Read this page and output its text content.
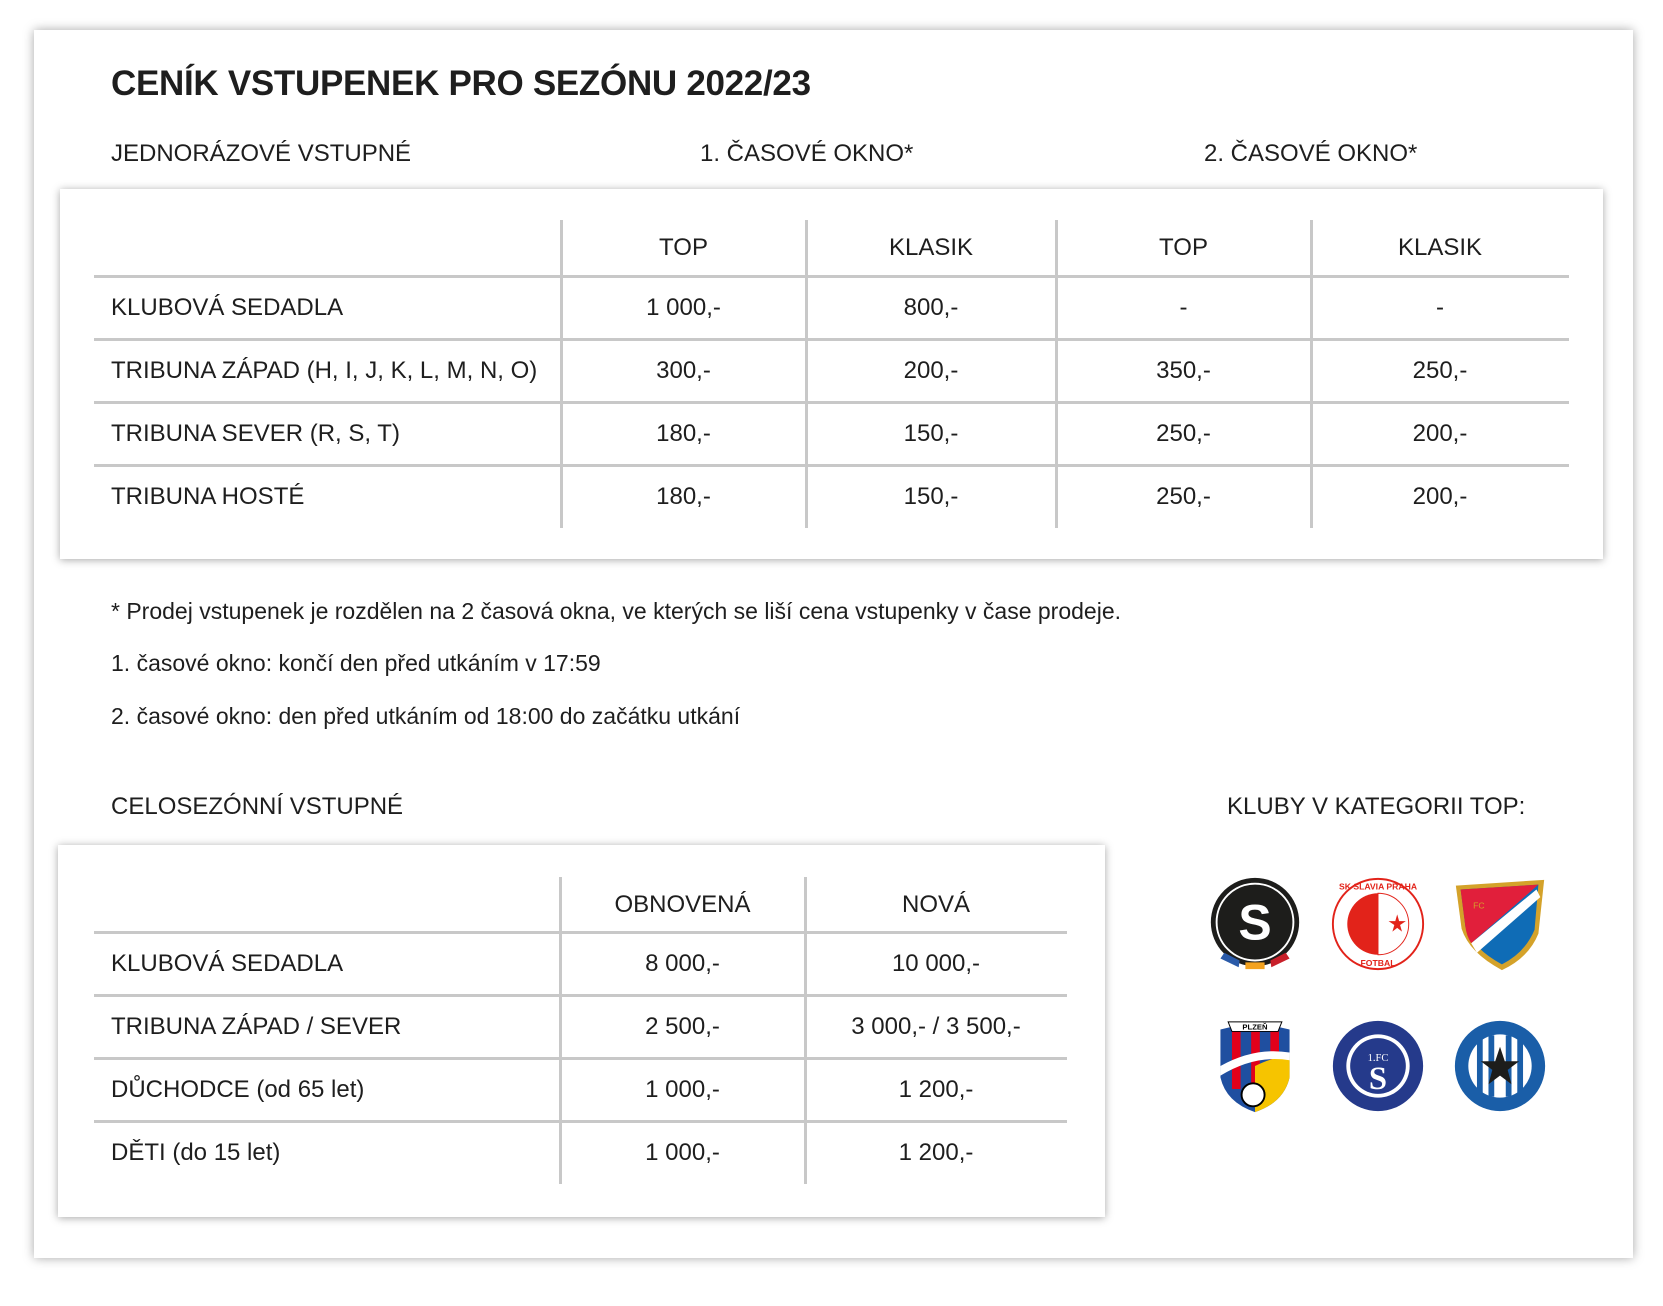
CENÍK VSTUPENEK PRO SEZÓNU 2022/23
JEDNORÁZOVÉ VSTUPNÉ	1. ČASOVÉ OKNO*	2. ČASOVÉ OKNO*
TOP	KLASIK	TOP	KLASIK
KLUBOVÁ SEDADLA	1 000,-	800,-	-	-
TRIBUNA ZÁPAD (H, I, J, K, L, M, N, O)	300,-	200,-	350,-	250,-
TRIBUNA SEVER (R, S, T)	180,-	150,-	250,-	200,-
TRIBUNA HOSTÉ	180,-	150,-	250,-	200,-
* Prodej vstupenek je rozdělen na 2 časová okna, ve kterých se liší cena vstupenky v čase prodeje.
1. časové okno: končí den před utkáním v 17:59
2. časové okno: den před utkáním od 18:00 do začátku utkání
CELOSEZÓNNÍ VSTUPNÉ	KLUBY V KATEGORII TOP:
OBNOVENÁ	NOVÁ
KLUBOVÁ SEDADLA	8 000,-	10 000,-
TRIBUNA ZÁPAD / SEVER	2 500,-	3 000,- / 3 500,-
DŮCHODCE (od 65 let)	1 000,-	1 200,-
DĚTI (do 15 let)	1 000,-	1 200,-
S
SK SLAVIA PRAHA
FOTBAL
FC
PLZEŇ
1.FC
S
